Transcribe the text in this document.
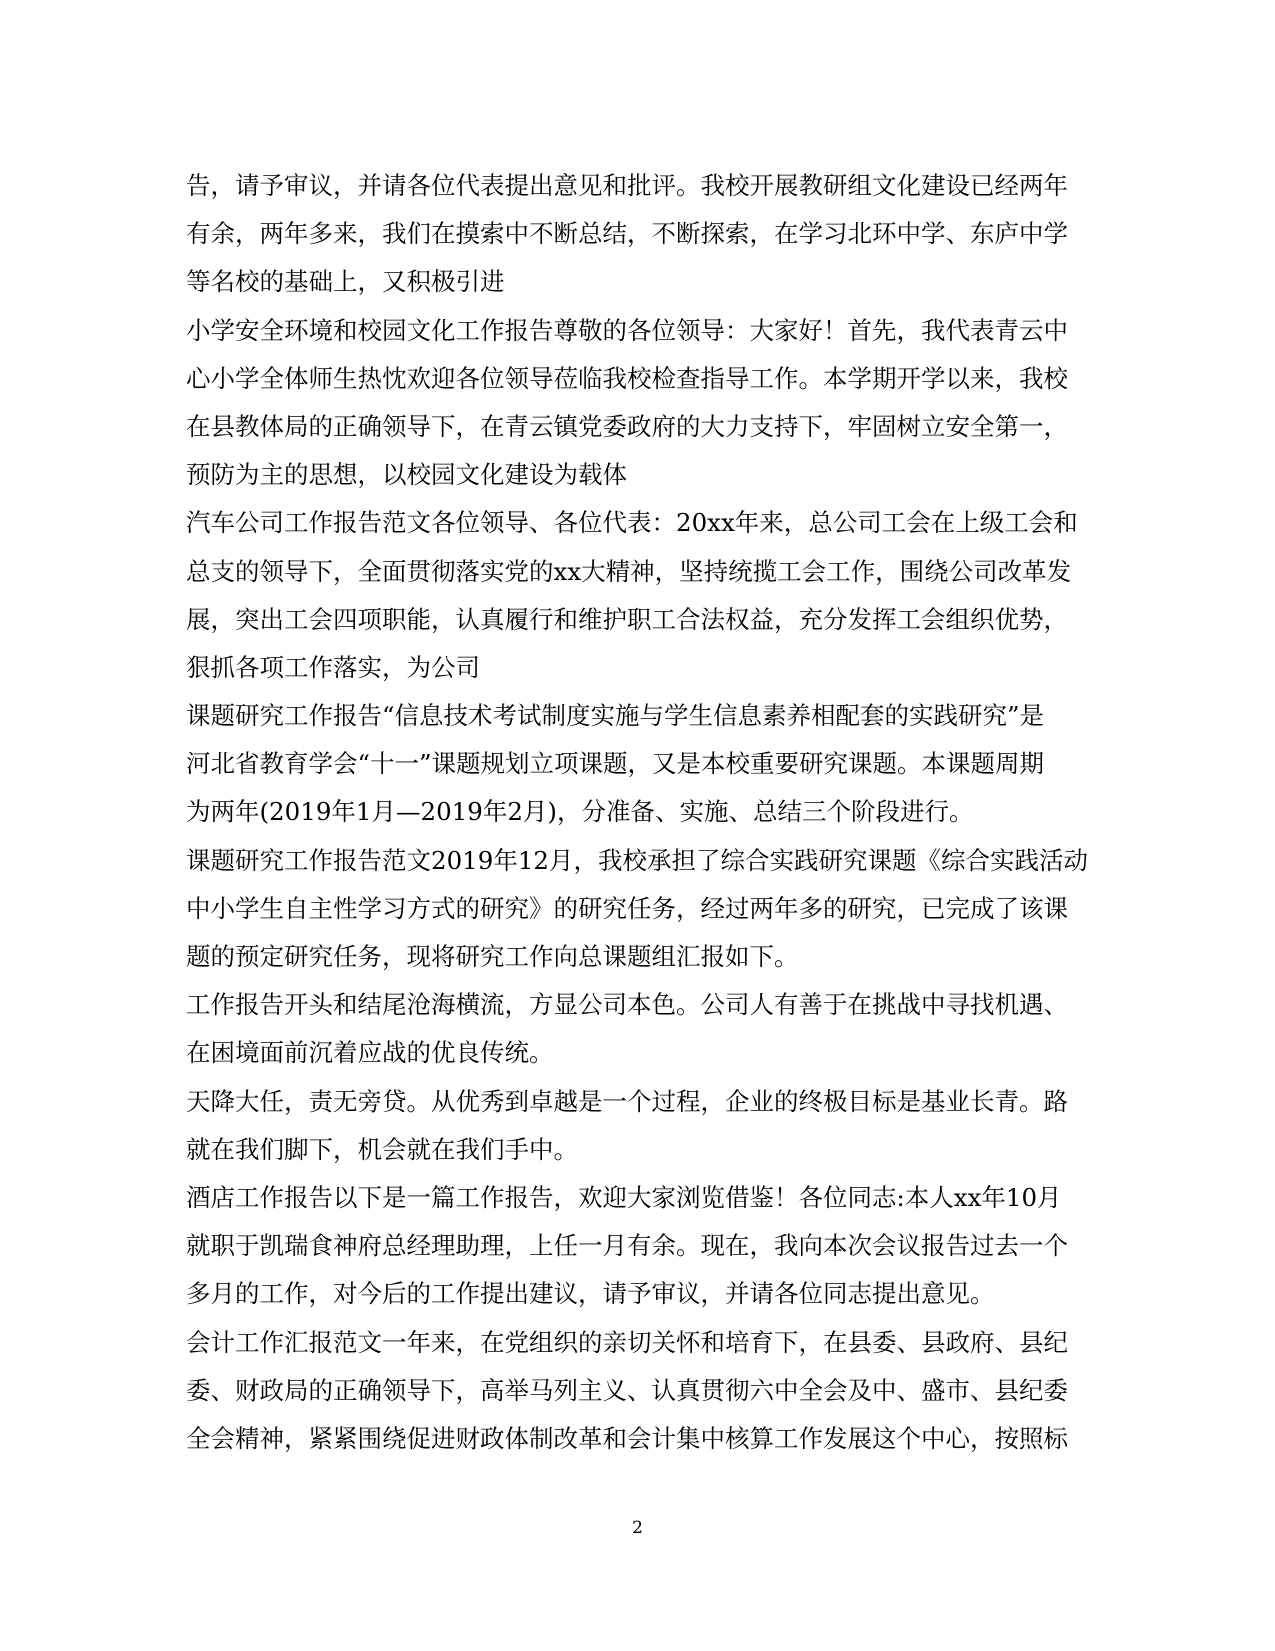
告，请予审议，并请各位代表提出意见和批评。我校开展教研组文化建设已经两年
有余，两年多来，我们在摸索中不断总结，不断探索，在学习北环中学、东庐中学
等名校的基础上，又积极引进
小学安全环境和校园文化工作报告尊敬的各位领导：大家好！首先，我代表青云中
心小学全体师生热忱欢迎各位领导莅临我校检查指导工作。本学期开学以来，我校
在县教体局的正确领导下，在青云镇党委政府的大力支持下，牢固树立安全第一，
预防为主的思想，以校园文化建设为载体
汽车公司工作报告范文各位领导、各位代表：20xx年来，总公司工会在上级工会和
总支的领导下，全面贯彻落实党的xx大精神，坚持统揽工会工作，围绕公司改革发
展，突出工会四项职能，认真履行和维护职工合法权益，充分发挥工会组织优势，
狠抓各项工作落实，为公司
课题研究工作报告“信息技术考试制度实施与学生信息素养相配套的实践研究”是
河北省教育学会“十一”课题规划立项课题，又是本校重要研究课题。本课题周期
为两年(2019年1月—2019年2月)，分准备、实施、总结三个阶段进行。
课题研究工作报告范文2019年12月，我校承担了综合实践研究课题《综合实践活动
中小学生自主性学习方式的研究》的研究任务，经过两年多的研究，已完成了该课
题的预定研究任务，现将研究工作向总课题组汇报如下。
工作报告开头和结尾沧海横流，方显公司本色。公司人有善于在挑战中寻找机遇、
在困境面前沉着应战的优良传统。
天降大任，责无旁贷。从优秀到卓越是一个过程，企业的终极目标是基业长青。路
就在我们脚下，机会就在我们手中。
酒店工作报告以下是一篇工作报告，欢迎大家浏览借鉴！各位同志:本人xx年10月
就职于凯瑞食神府总经理助理，上任一月有余。现在，我向本次会议报告过去一个
多月的工作，对今后的工作提出建议，请予审议，并请各位同志提出意见。
会计工作汇报范文一年来，在党组织的亲切关怀和培育下，在县委、县政府、县纪
委、财政局的正确领导下，高举马列主义、认真贯彻六中全会及中、盛市、县纪委
全会精神，紧紧围绕促进财政体制改革和会计集中核算工作发展这个中心，按照标
2
